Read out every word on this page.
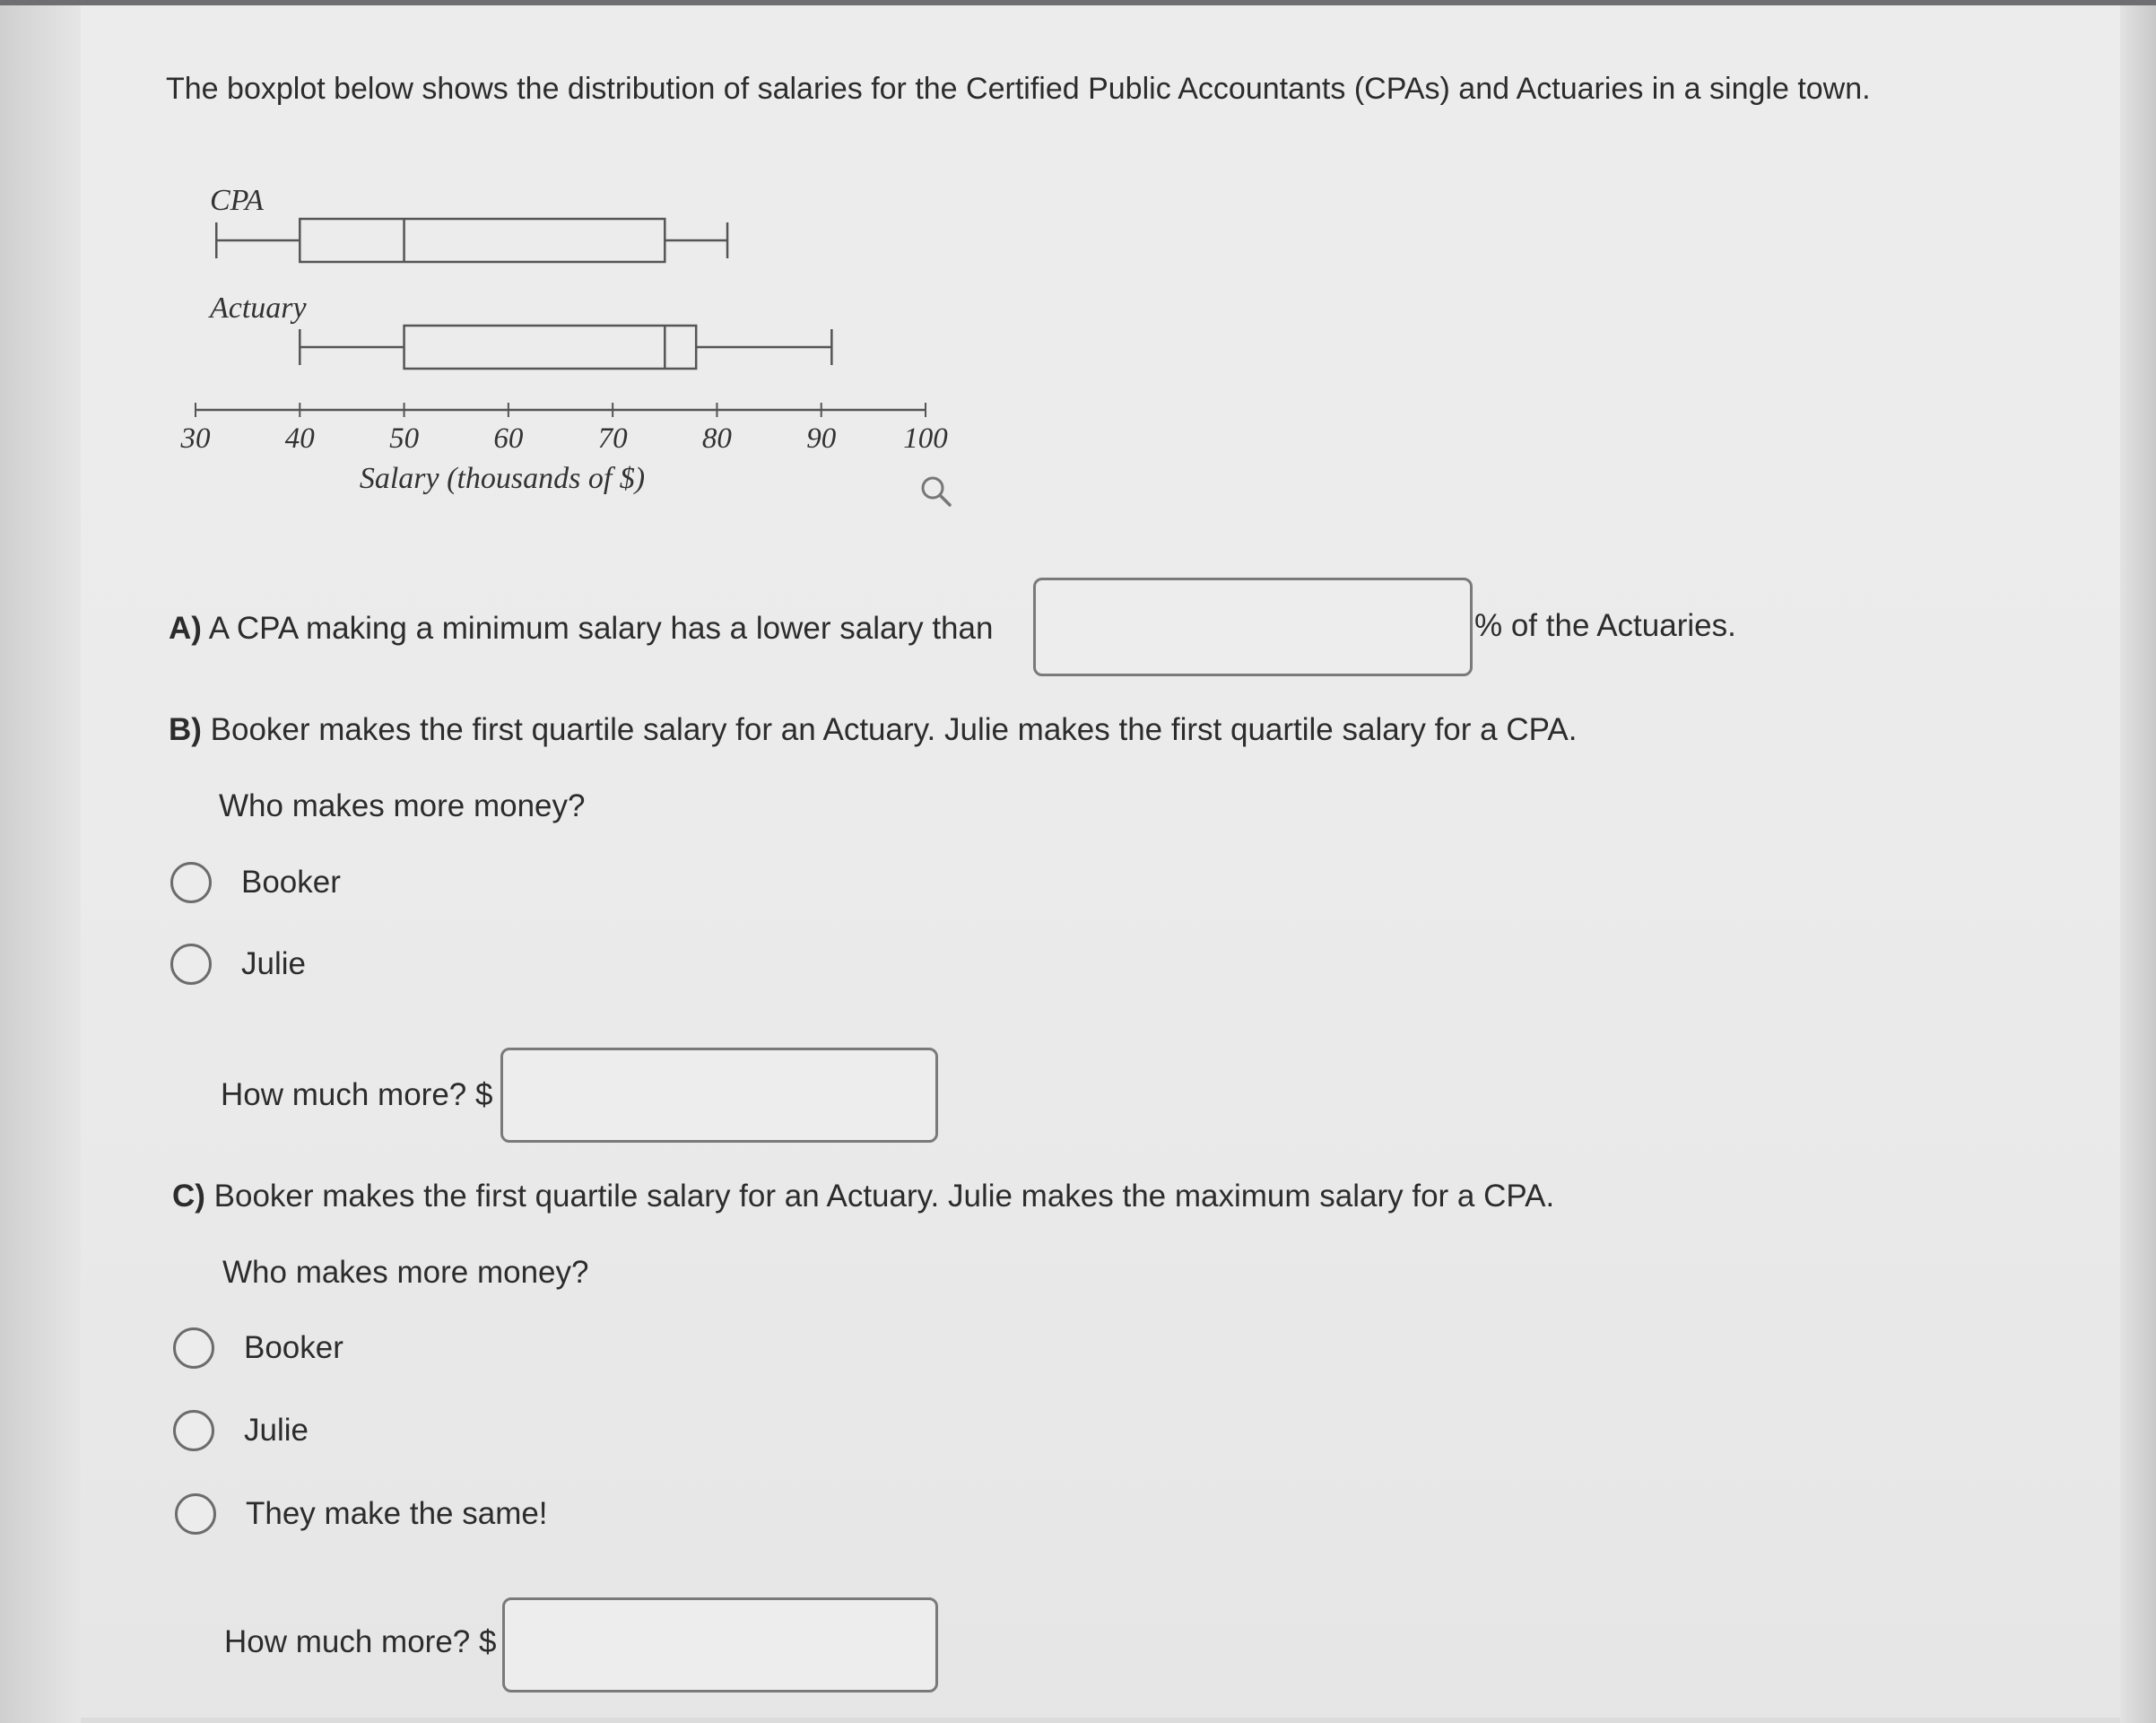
The boxplot below shows the distribution of salaries for the Certified Public Accountants (CPAs) and Actuaries in a single town.
30	40	50	60	70	80	90 100
Salary (thousands of $)
CPA
Actuary
A) A CPA making a minimum salary has a lower salary than	% of the Actuaries.
B) Booker makes the first quartile salary for an Actuary. Julie makes the first quartile salary for a CPA.
Who makes more money?
Booker
Julie
How much more? $
C) Booker makes the first quartile salary for an Actuary. Julie makes the maximum salary for a CPA.
Who makes more money?
Booker
Julie
They make the same!
How much more? $
